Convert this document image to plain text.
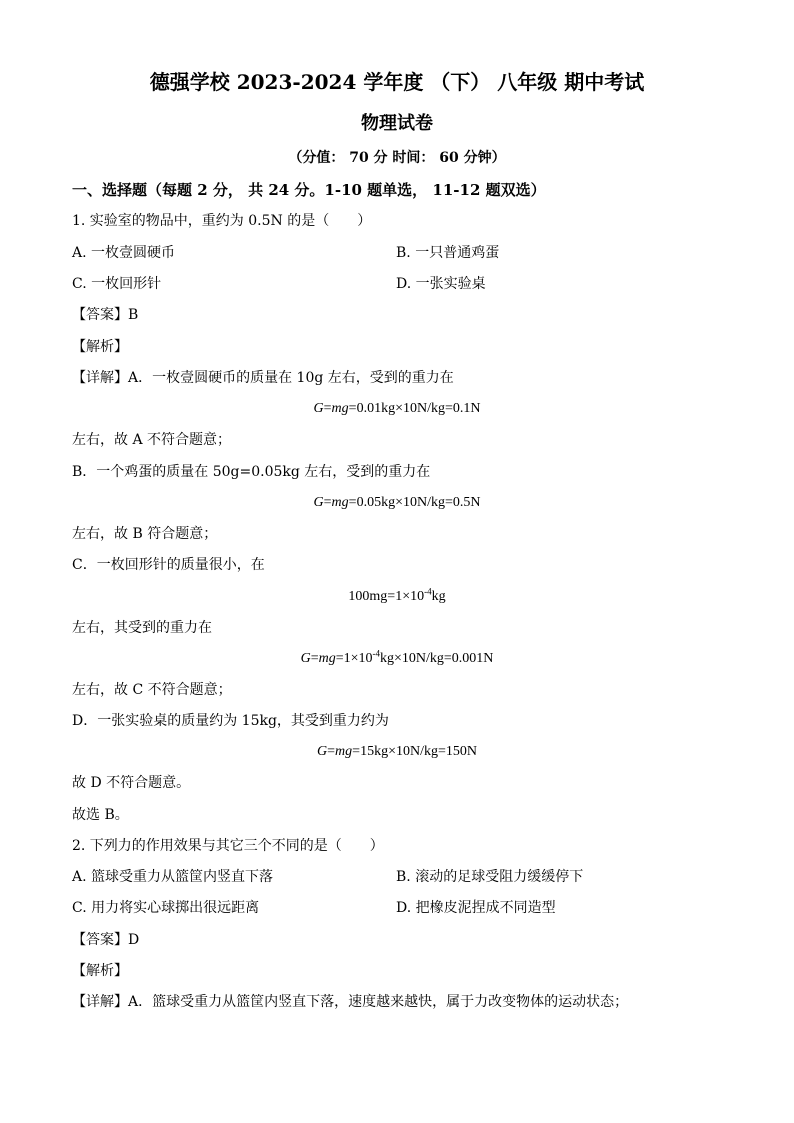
德强学校 2023-2024 学年度 （下） 八年级 期中考试
物理试卷
（分值： 70 分 时间： 60 分钟）
一、选择题（每题 2 分， 共 24 分。1-10 题单选， 11-12 题双选）
1. 实验室的物品中，重约为 0.5N 的是（　　）
A. 一枚壹圆硬币	B. 一只普通鸡蛋
C. 一枚回形针	D. 一张实验桌
【答案】B
【解析】
【详解】A．一枚壹圆硬币的质量在 10g 左右，受到的重力在
G=mg=0.01kg×10N/kg=0.1N
左右，故 A 不符合题意；
B．一个鸡蛋的质量在 50g=0.05kg 左右，受到的重力在
G=mg=0.05kg×10N/kg=0.5N
左右，故 B 符合题意；
C．一枚回形针的质量很小，在
$100mg=1\times 10^{-4}kg$
左右，其受到的重力在
$G=mg=1\times 10^{-4}kg\times 10N/kg=0.001N$
左右，故 C 不符合题意；
D．一张实验桌的质量约为 15kg，其受到重力约为
G=mg=15kg×10N/kg=150N
故 D 不符合题意。
故选 B。
2. 下列力的作用效果与其它三个不同的是（　　）
A. 篮球受重力从篮筐内竖直下落	B. 滚动的足球受阻力缓缓停下
C. 用力将实心球掷出很远距离	D. 把橡皮泥捏成不同造型
【答案】D
【解析】
【详解】A．篮球受重力从篮筐内竖直下落，速度越来越快，属于力改变物体的运动状态；
